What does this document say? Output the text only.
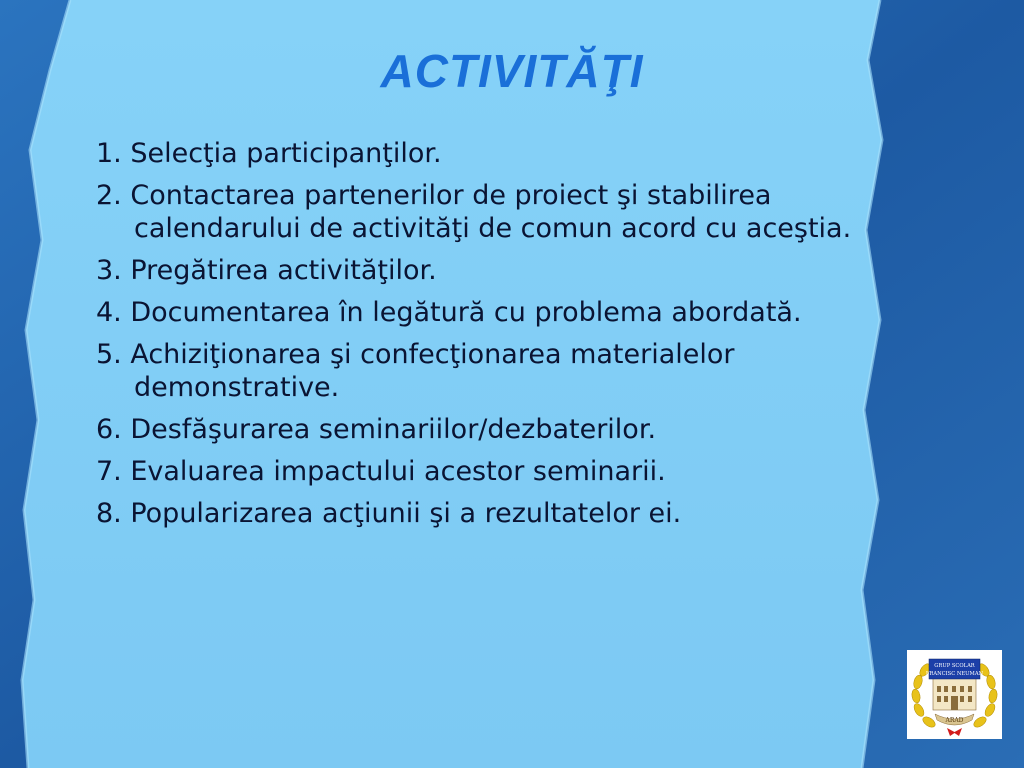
ACTIVITĂŢI
1. Selecţia participanţilor.
2. Contactarea partenerilor de proiect şi stabilirea calendarului de activităţi de comun acord cu aceştia.
3. Pregătirea activităţilor.
4. Documentarea în legătură cu problema abordată.
5. Achiziţionarea şi confecţionarea materialelor demonstrative.
6. Desfăşurarea seminariilor/dezbaterilor.
7. Evaluarea impactului acestor seminarii.
8. Popularizarea acţiunii şi a rezultatelor ei.
GRUP SCOLAR
FRANCISC NEUMAN
ARAD
